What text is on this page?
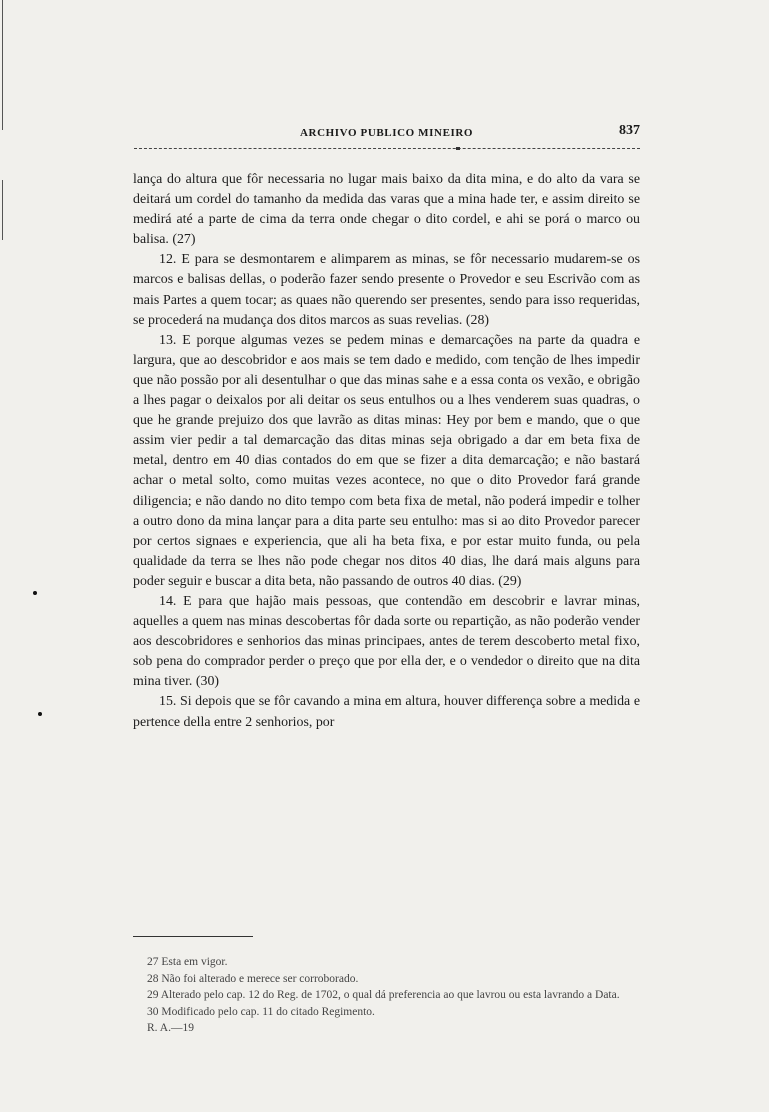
ARCHIVO PUBLICO MINEIRO	837

lança do altura que fôr necessaria no lugar mais baixo da dita mina, e do alto da vara se deitará um cordel do tamanho da medida das varas que a mina hade ter, e assim direito se medirá até a parte de cima da terra onde chegar o dito cordel, e ahi se porá o marco ou balisa. (27)

12. E para se desmontarem e alimparem as minas, se fôr necessario mudarem-se os marcos e balisas dellas, o poderão fazer sendo presente o Provedor e seu Escrivão com as mais Partes a quem tocar; as quaes não querendo ser presentes, sendo para isso requeridas, se procederá na mudança dos ditos marcos as suas revelias. (28)

13. E porque algumas vezes se pedem minas e demarcações na parte da quadra e largura, que ao descobridor e aos mais se tem dado e medido, com tenção de lhes impedir que não possão por ali desentulhar o que das minas sahe e a essa conta os vexão, e obrigão a lhes pagar o deixalos por ali deitar os seus entulhos ou a lhes venderem suas quadras, o que he grande prejuizo dos que lavrão as ditas minas: Hey por bem e mando, que o que assim vier pedir a tal demarcação das ditas minas seja obrigado a dar em beta fixa de metal, dentro em 40 dias contados do em que se fizer a dita demarcação; e não bastará achar o metal solto, como muitas vezes acontece, no que o dito Provedor fará grande diligencia; e não dando no dito tempo com beta fixa de metal, não poderá impedir e tolher a outro dono da mina lançar para a dita parte seu entulho: mas si ao dito Provedor parecer por certos signaes e experiencia, que ali ha beta fixa, e por estar muito funda, ou pela qualidade da terra se lhes não pode chegar nos ditos 40 dias, lhe dará mais alguns para poder seguir e buscar a dita beta, não passando de outros 40 dias. (29)

14. E para que hajão mais pessoas, que contendão em descobrir e lavrar minas, aquelles a quem nas minas descobertas fôr dada sorte ou repartição, as não poderão vender aos descobridores e senhorios das minas principaes, antes de terem descoberto metal fixo, sob pena do comprador perder o preço que por ella der, e o vendedor o direito que na dita mina tiver. (30)

15. Si depois que se fôr cavando a mina em altura, houver differença sobre a medida e pertence della entre 2 senhorios, por

27 Esta em vigor.

28 Não foi alterado e merece ser corroborado.

29 Alterado pelo cap. 12 do Reg. de 1702, o qual dá preferencia ao que lavrou ou esta lavrando a Data.

30 Modificado pelo cap. 11 do citado Regimento.

R. A.—19
